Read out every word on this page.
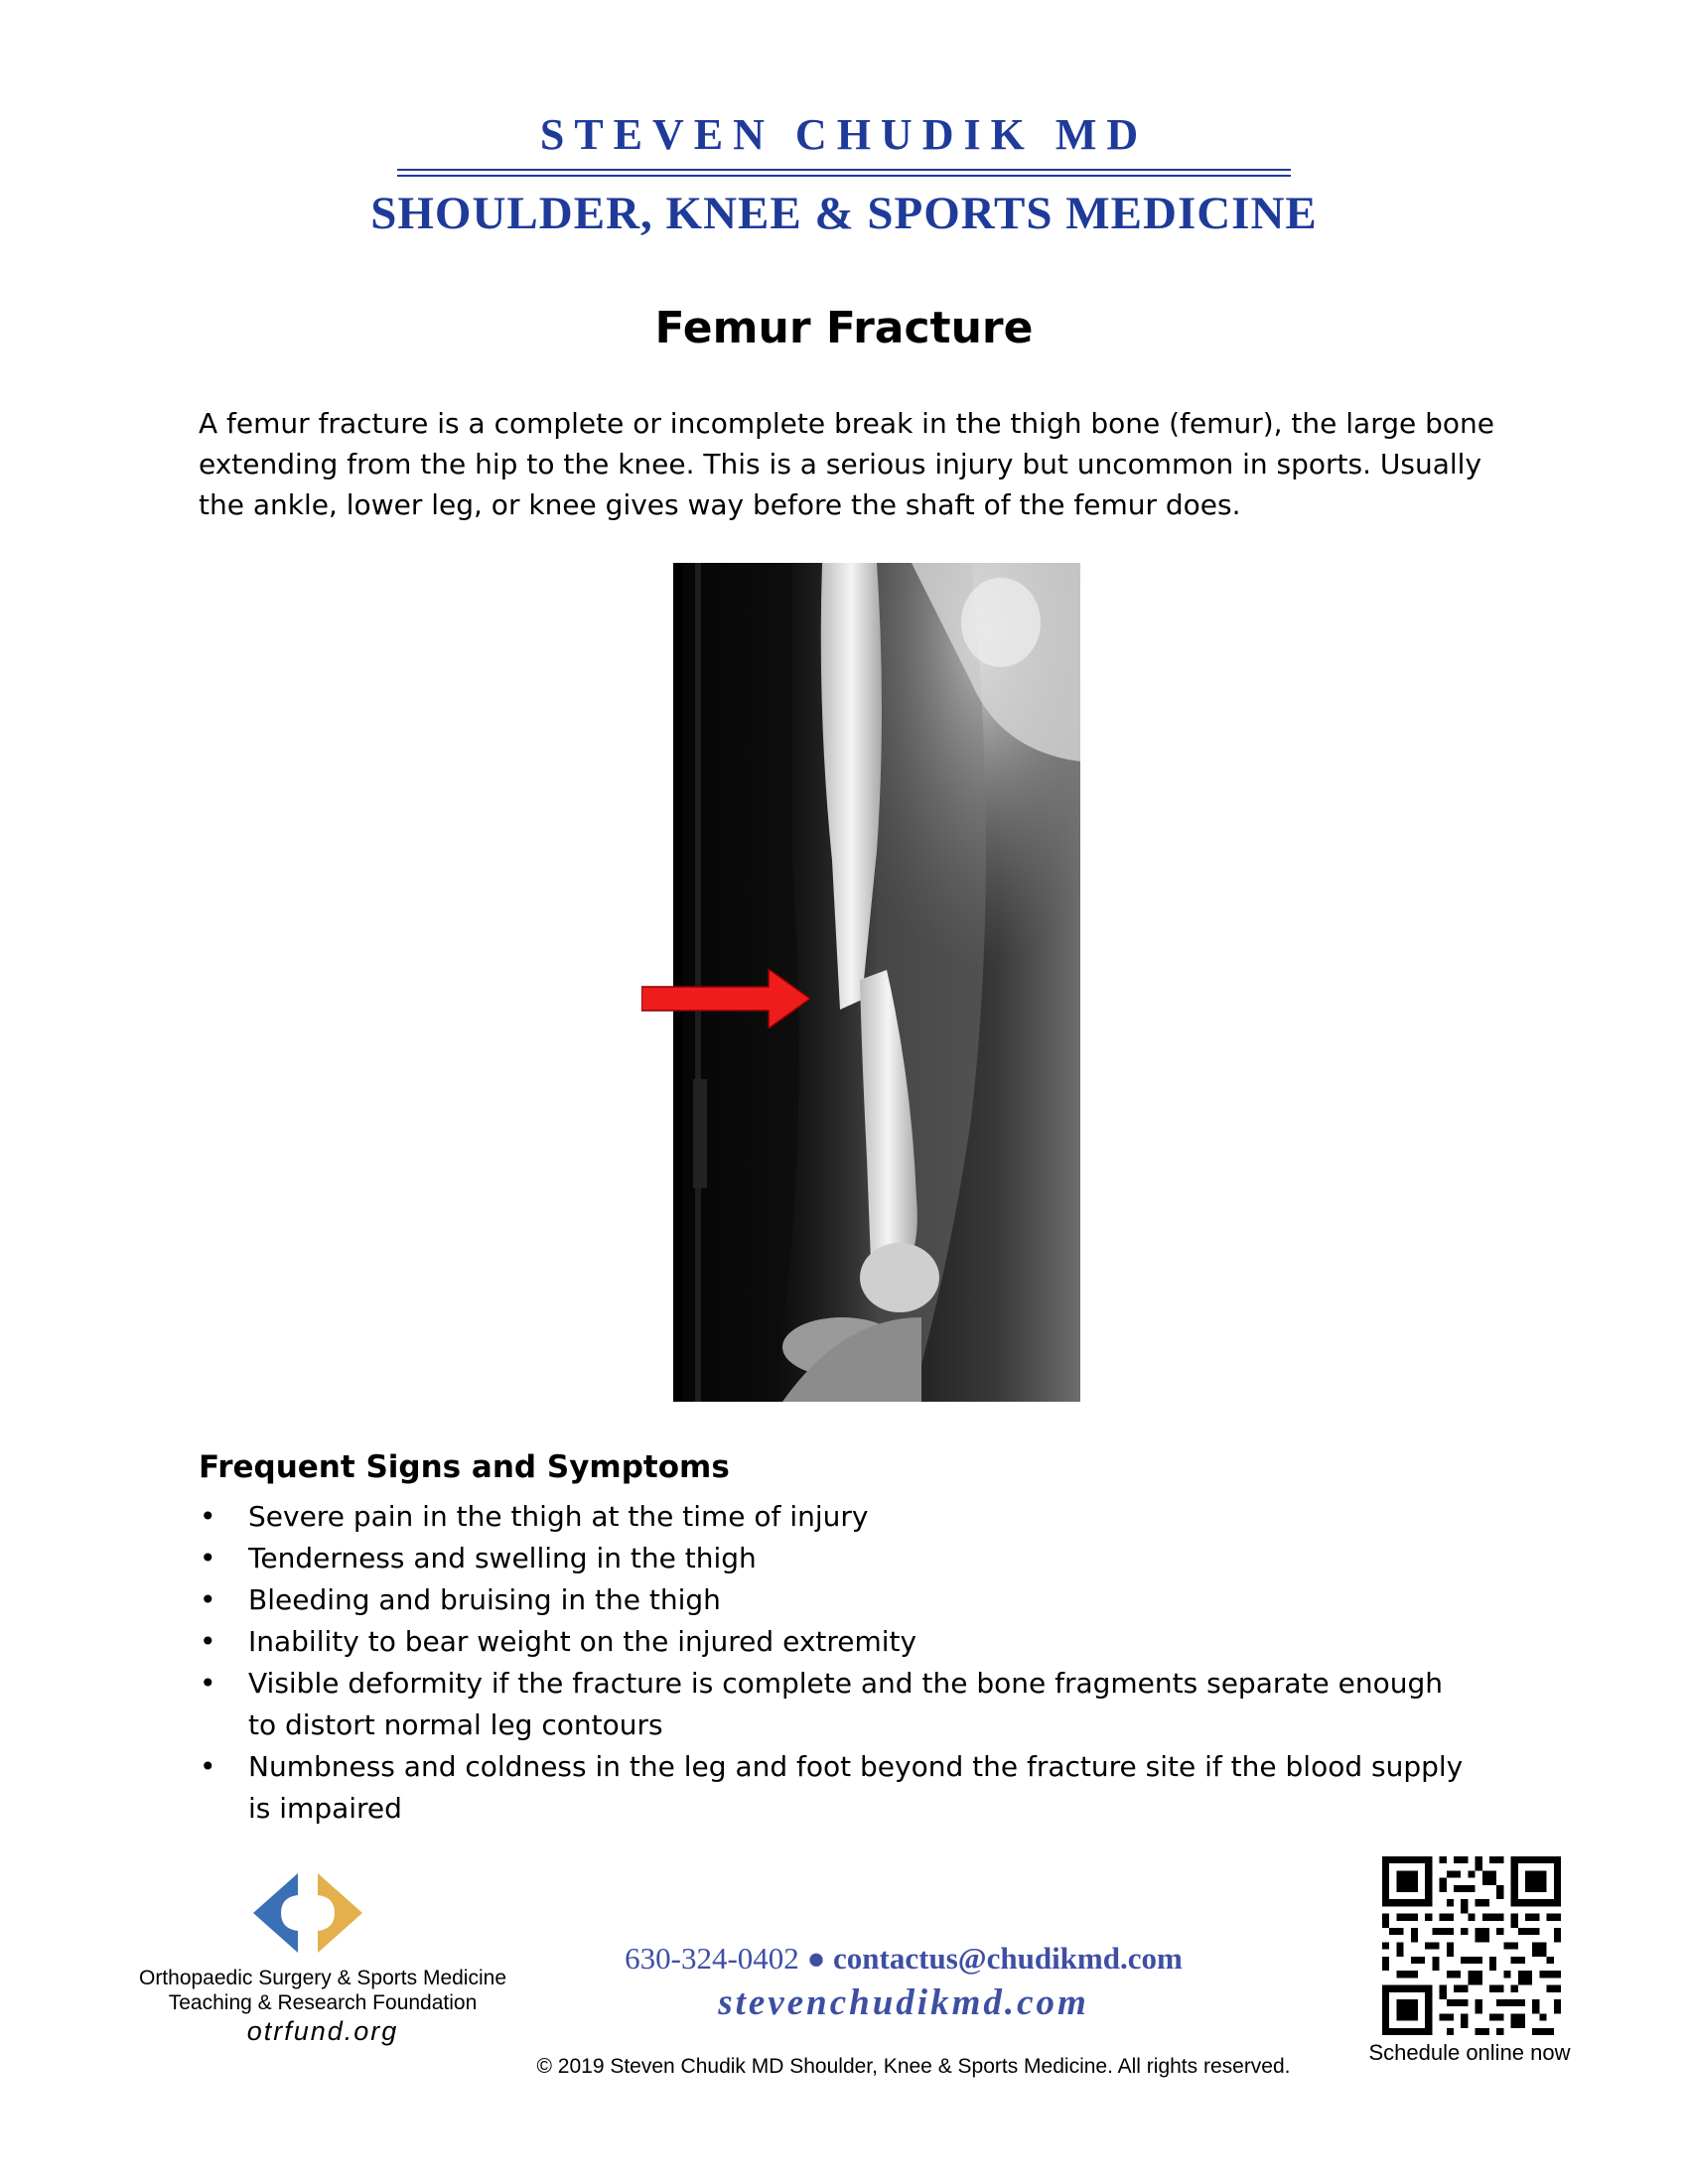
STEVEN CHUDIK MD
SHOULDER, KNEE & SPORTS MEDICINE
Femur Fracture
A femur fracture is a complete or incomplete break in the thigh bone (femur), the large bone extending from the hip to the knee. This is a serious injury but uncommon in sports. Usually the ankle, lower leg, or knee gives way before the shaft of the femur does.
Frequent Signs and Symptoms
• Severe pain in the thigh at the time of injury
• Tenderness and swelling in the thigh
• Bleeding and bruising in the thigh
• Inability to bear weight on the injured extremity
• Visible deformity if the fracture is complete and the bone fragments separate enough to distort normal leg contours
• Numbness and coldness in the leg and foot beyond the fracture site if the blood supply is impaired
Orthopaedic Surgery & Sports Medicine
Teaching & Research Foundation
otrfund.org
630-324-0402 ● contactus@chudikmd.com
stevenchudikmd.com
© 2019 Steven Chudik MD Shoulder, Knee & Sports Medicine. All rights reserved.
Schedule online now
